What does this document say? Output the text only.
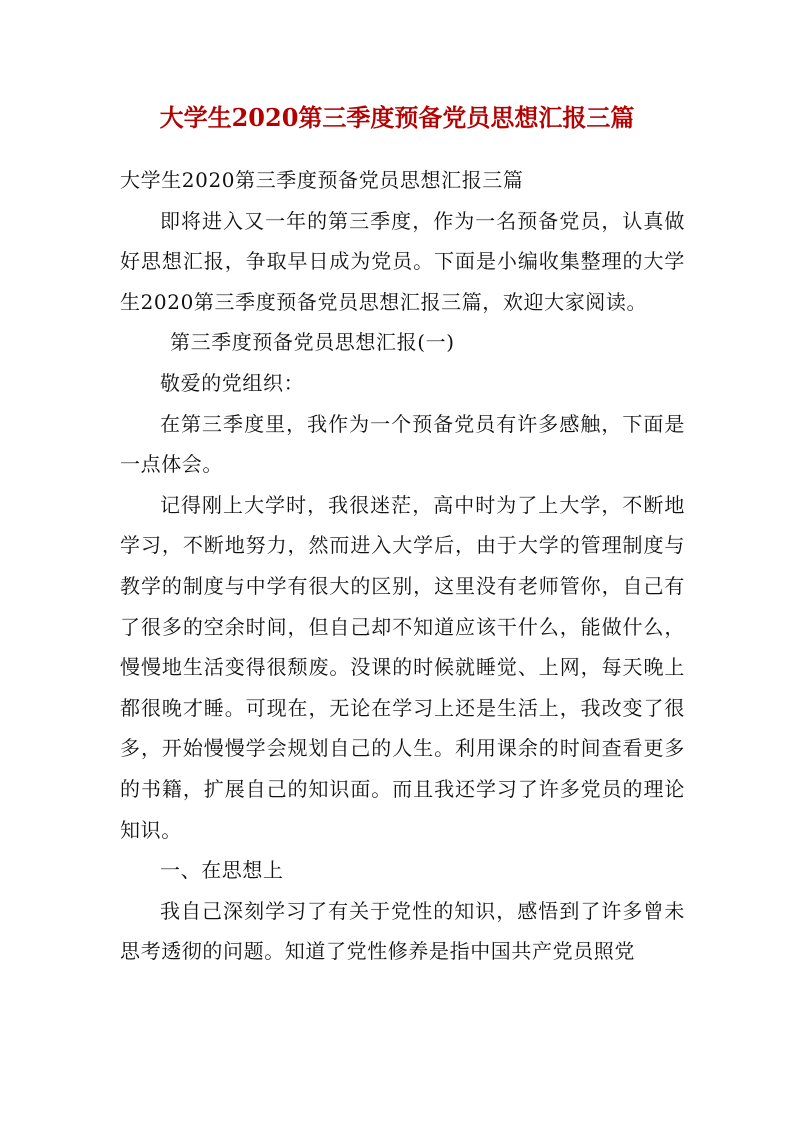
大学生2020第三季度预备党员思想汇报三篇

大学生2020第三季度预备党员思想汇报三篇

即将进入又一年的第三季度，作为一名预备党员，认真做好思想汇报，争取早日成为党员。下面是小编收集整理的大学生2020第三季度预备党员思想汇报三篇，欢迎大家阅读。

第三季度预备党员思想汇报(一)

敬爱的党组织：

在第三季度里，我作为一个预备党员有许多感触，下面是一点体会。

记得刚上大学时，我很迷茫，高中时为了上大学，不断地学习，不断地努力，然而进入大学后，由于大学的管理制度与教学的制度与中学有很大的区别，这里没有老师管你，自己有了很多的空余时间，但自己却不知道应该干什么，能做什么，慢慢地生活变得很颓废。没课的时候就睡觉、上网，每天晚上都很晚才睡。可现在，无论在学习上还是生活上，我改变了很多，开始慢慢学会规划自己的人生。利用课余的时间查看更多的书籍，扩展自己的知识面。而且我还学习了许多党员的理论知识。

一、在思想上

我自己深刻学习了有关于党性的知识，感悟到了许多曾未思考透彻的问题。知道了党性修养是指中国共产党员照党
